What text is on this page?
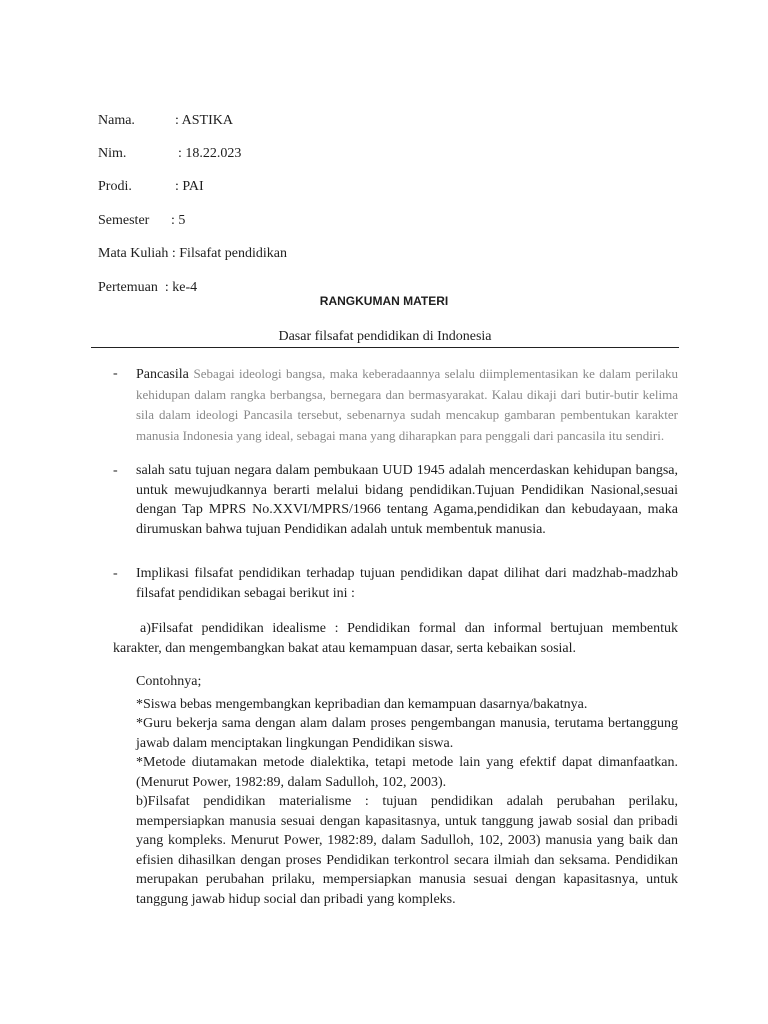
Nama.	: ASTIKA

Nim.	: 18.22.023

Prodi.	: PAI

Semester : 5

Mata Kuliah : Filsafat pendidikan

Pertemuan : ke-4

RANGKUMAN MATERI
Dasar filsafat pendidikan di Indonesia
- Pancasila Sebagai ideologi bangsa, maka keberadaannya selalu diimplementasikan ke dalam perilaku kehidupan dalam rangka berbangsa, bernegara dan bermasyarakat. Kalau dikaji dari butir-butir kelima sila dalam ideologi Pancasila tersebut, sebenarnya sudah mencakup gambaran pembentukan karakter manusia Indonesia yang ideal, sebagai mana yang diharapkan para penggali dari pancasila itu sendiri.

- salah satu tujuan negara dalam pembukaan UUD 1945 adalah mencerdaskan kehidupan bangsa, untuk mewujudkannya berarti melalui bidang pendidikan.Tujuan Pendidikan Nasional,sesuai dengan Tap MPRS No.XXVI/MPRS/1966 tentang Agama,pendidikan dan kebudayaan, maka dirumuskan bahwa tujuan Pendidikan adalah untuk membentuk manusia.

- Implikasi filsafat pendidikan terhadap tujuan pendidikan dapat dilihat dari madzhab-madzhab filsafat pendidikan sebagai berikut ini :

a)Filsafat pendidikan idealisme : Pendidikan formal dan informal bertujuan membentuk karakter, dan mengembangkan bakat atau kemampuan dasar, serta kebaikan sosial.

Contohnya;

*Siswa bebas mengembangkan kepribadian dan kemampuan dasarnya/bakatnya.

*Guru bekerja sama dengan alam dalam proses pengembangan manusia, terutama bertanggung jawab dalam menciptakan lingkungan Pendidikan siswa.

*Metode diutamakan metode dialektika, tetapi metode lain yang efektif dapat dimanfaatkan. (Menurut Power, 1982:89, dalam Sadulloh, 102, 2003).

b)Filsafat pendidikan materialisme : tujuan pendidikan adalah perubahan perilaku, mempersiapkan manusia sesuai dengan kapasitasnya, untuk tanggung jawab sosial dan pribadi yang kompleks. Menurut Power, 1982:89, dalam Sadulloh, 102, 2003) manusia yang baik dan efisien dihasilkan dengan proses Pendidikan terkontrol secara ilmiah dan seksama. Pendidikan merupakan perubahan prilaku, mempersiapkan manusia sesuai dengan kapasitasnya, untuk tanggung jawab hidup social dan pribadi yang kompleks.
